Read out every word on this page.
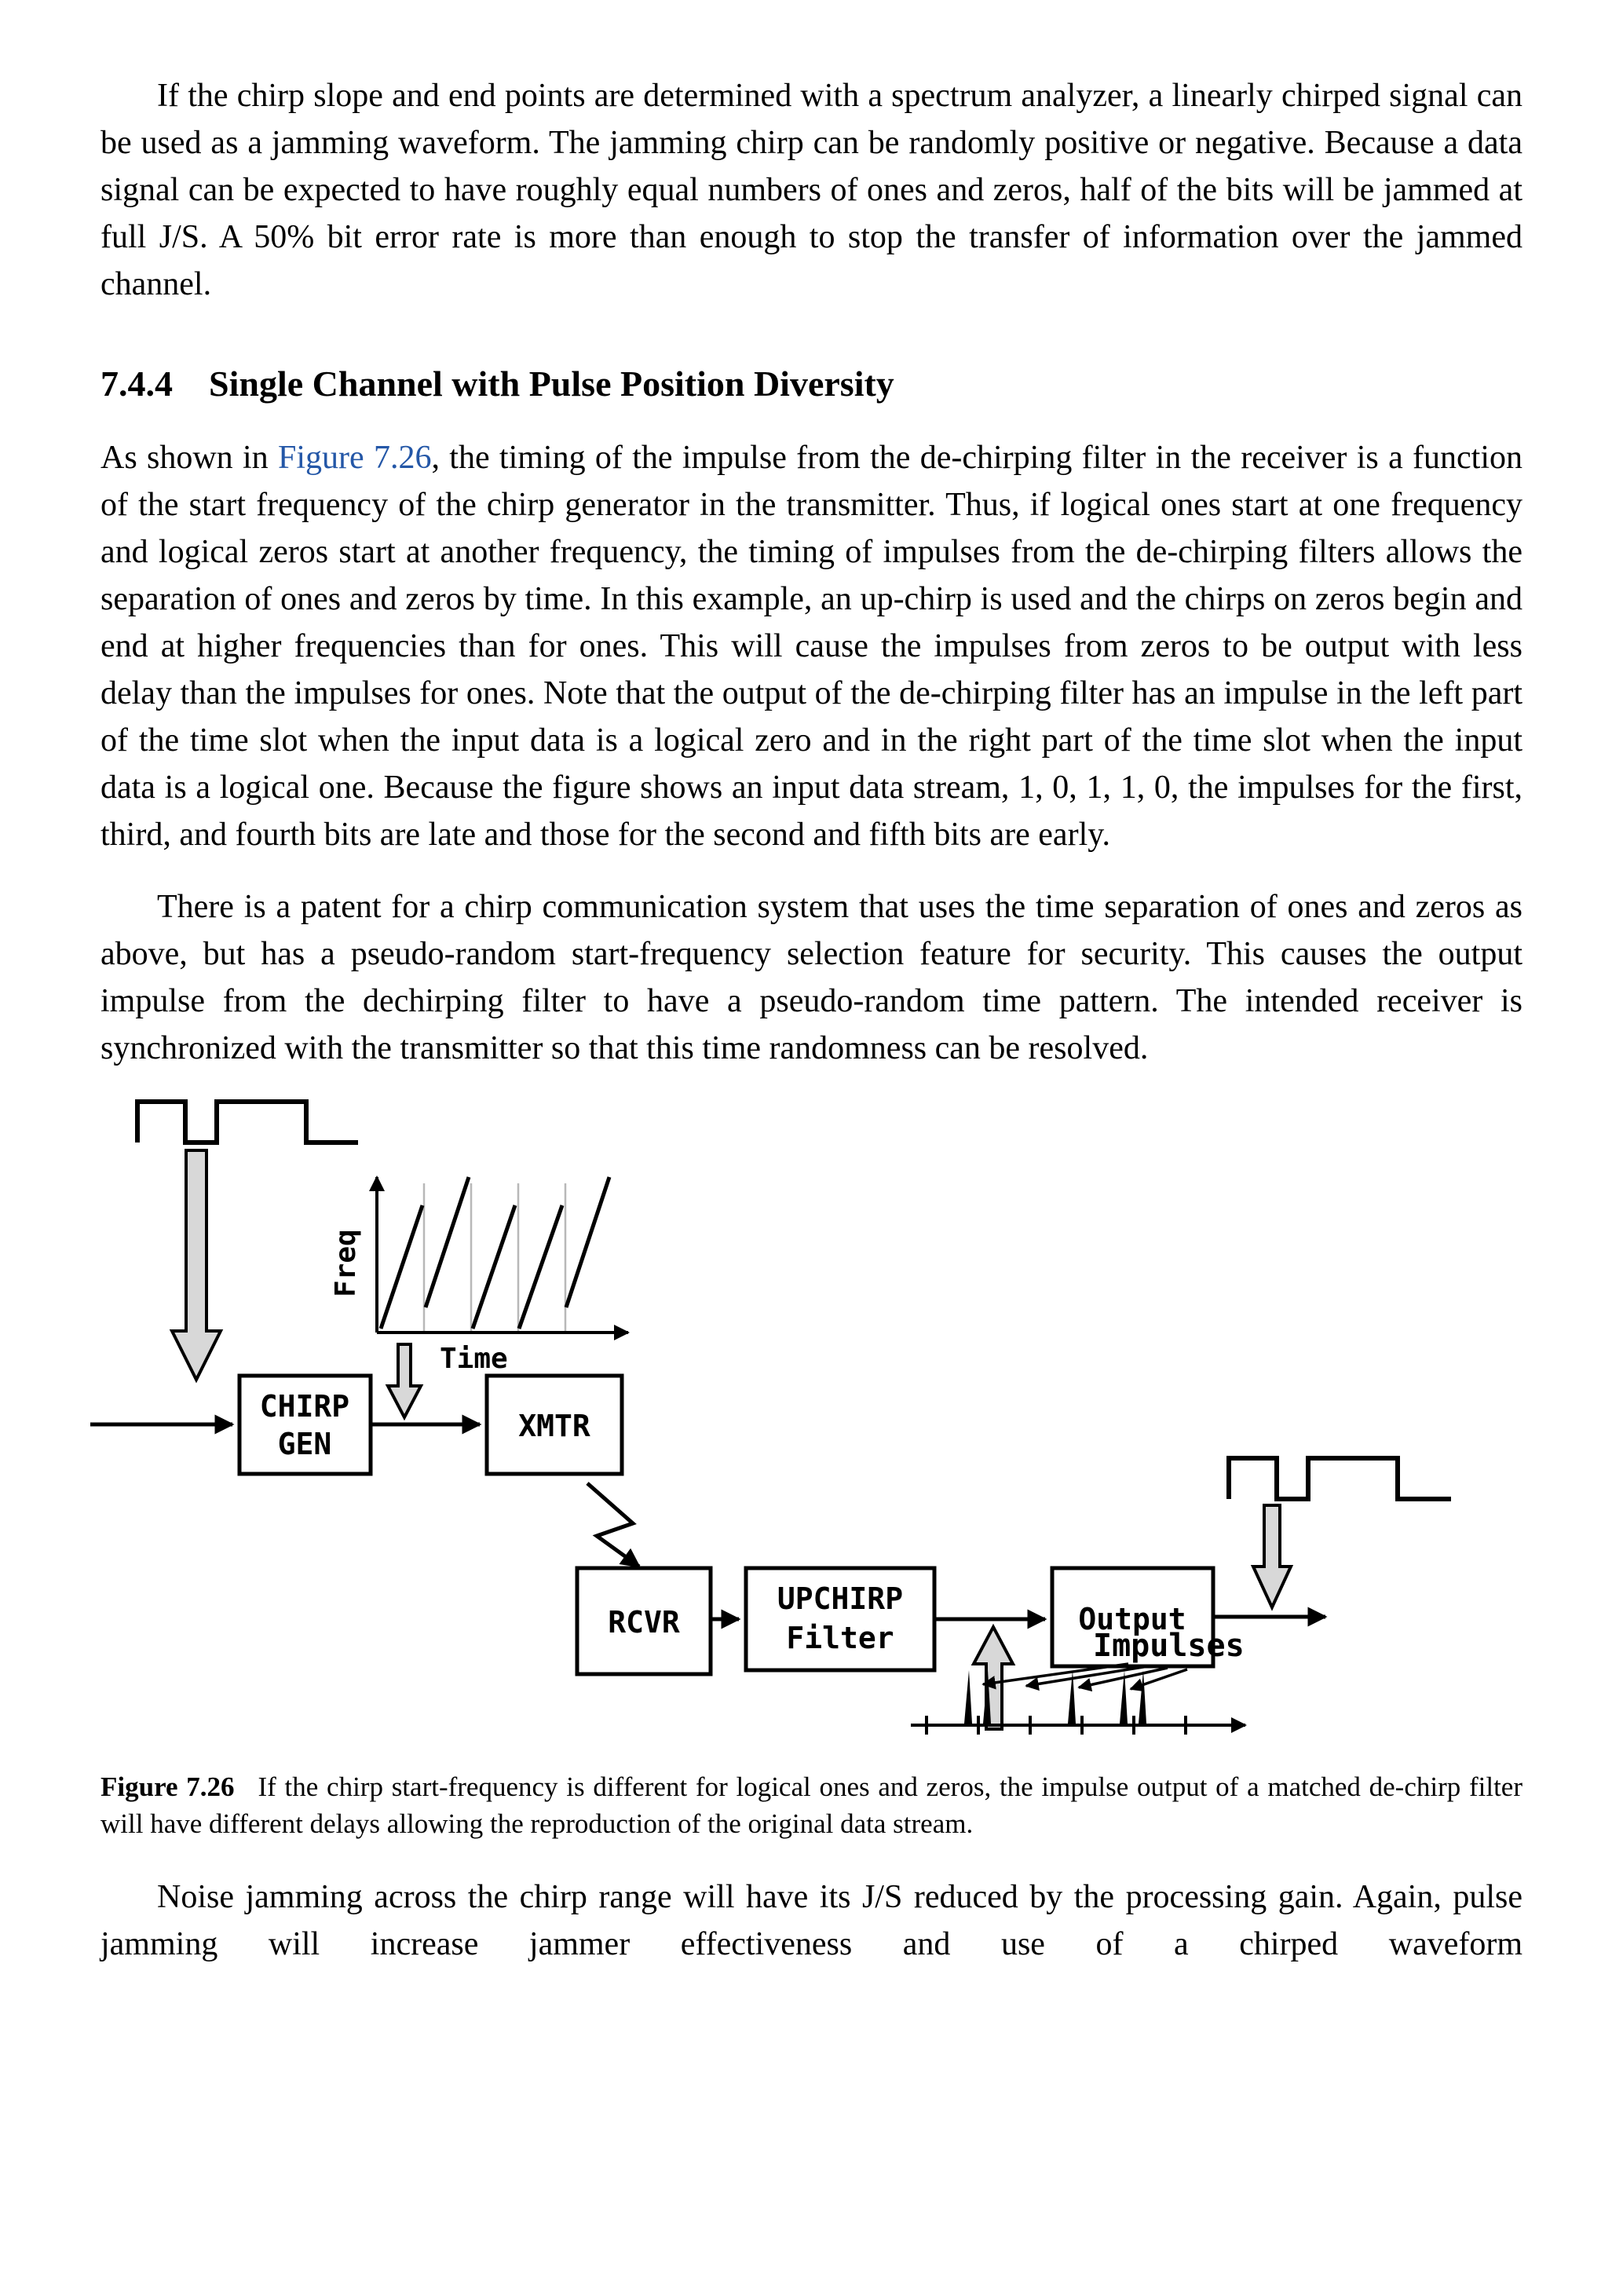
If the chirp slope and end points are determined with a spectrum analyzer, a linearly chirped signal can be used as a jamming waveform. The jamming chirp can be randomly positive or negative. Because a data signal can be expected to have roughly equal numbers of ones and zeros, half of the bits will be jammed at full J/S. A 50% bit error rate is more than enough to stop the transfer of information over the jammed channel.

7.4.4 Single Channel with Pulse Position Diversity

As shown in Figure 7.26, the timing of the impulse from the de-chirping filter in the receiver is a function of the start frequency of the chirp generator in the transmitter. Thus, if logical ones start at one frequency and logical zeros start at another frequency, the timing of impulses from the de-chirping filters allows the separation of ones and zeros by time. In this example, an up-chirp is used and the chirps on zeros begin and end at higher frequencies than for ones. This will cause the impulses from zeros to be output with less delay than the impulses for ones. Note that the output of the de-chirping filter has an impulse in the left part of the time slot when the input data is a logical zero and in the right part of the time slot when the input data is a logical one. Because the figure shows an input data stream, 1, 0, 1, 1, 0, the impulses for the first, third, and fourth bits are late and those for the second and fifth bits are early.

There is a patent for a chirp communication system that uses the time separation of ones and zeros as above, but has a pseudo-random start-frequency selection feature for security. This causes the output impulse from the dechirping filter to have a pseudo-random time pattern. The intended receiver is synchronized with the transmitter so that this time randomness can be resolved.

Freq
Time
CHIRP
GEN
XMTR
RCVR
UPCHIRP
Filter
Output
Impulses

Figure 7.26 If the chirp start-frequency is different for logical ones and zeros, the impulse output of a matched de-chirp filter will have different delays allowing the reproduction of the original data stream.

Noise jamming across the chirp range will have its J/S reduced by the processing gain. Again, pulse jamming will increase jammer effectiveness and use of a chirped waveform
